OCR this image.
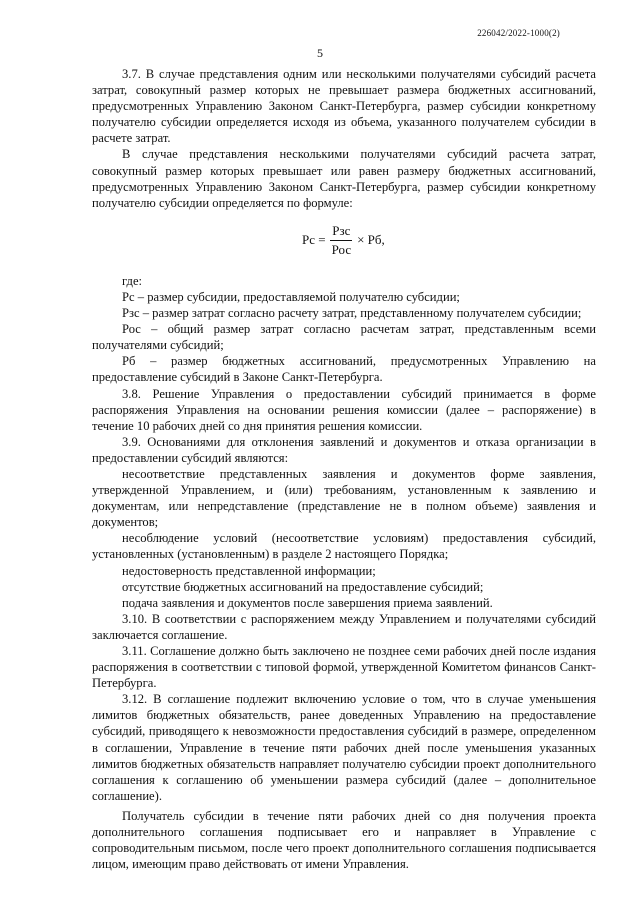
226042/2022-1000(2)
5

3.7. В случае представления одним или несколькими получателями субсидий расчета затрат, совокупный размер которых не превышает размера бюджетных ассигнований, предусмотренных Управлению Законом Санкт-Петербурга, размер субсидии конкретному получателю субсидии определяется исходя из объема, указанного получателем субсидии в расчете затрат.

В случае представления несколькими получателями субсидий расчета затрат, совокупный размер которых превышает или равен размеру бюджетных ассигнований, предусмотренных Управлению Законом Санкт-Петербурга, размер субсидии конкретному получателю субсидии определяется по формуле:

Рс = $\frac{\text{Рзс}}{\text{Рос}}$ × Рб,

где:

Рс – размер субсидии, предоставляемой получателю субсидии;

Рзс – размер затрат согласно расчету затрат, представленному получателем субсидии;

Рос – общий размер затрат согласно расчетам затрат, представленным всеми получателями субсидий;

Рб – размер бюджетных ассигнований, предусмотренных Управлению на предоставление субсидий в Законе Санкт-Петербурга.

3.8. Решение Управления о предоставлении субсидий принимается в форме распоряжения Управления на основании решения комиссии (далее – распоряжение) в течение 10 рабочих дней со дня принятия решения комиссии.

3.9. Основаниями для отклонения заявлений и документов и отказа организации в предоставлении субсидий являются:

несоответствие представленных заявления и документов форме заявления, утвержденной Управлением, и (или) требованиям, установленным к заявлению и документам, или непредставление (представление не в полном объеме) заявления и документов;

несоблюдение условий (несоответствие условиям) предоставления субсидий, установленных (установленным) в разделе 2 настоящего Порядка;

недостоверность представленной информации;

отсутствие бюджетных ассигнований на предоставление субсидий;

подача заявления и документов после завершения приема заявлений.

3.10. В соответствии с распоряжением между Управлением и получателями субсидий заключается соглашение.

3.11. Соглашение должно быть заключено не позднее семи рабочих дней после издания распоряжения в соответствии с типовой формой, утвержденной Комитетом финансов Санкт-Петербурга.

3.12. В соглашение подлежит включению условие о том, что в случае уменьшения лимитов бюджетных обязательств, ранее доведенных Управлению на предоставление субсидий, приводящего к невозможности предоставления субсидий в размере, определенном в соглашении, Управление в течение пяти рабочих дней после уменьшения указанных лимитов бюджетных обязательств направляет получателю субсидии проект дополнительного соглашения к соглашению об уменьшении размера субсидий (далее – дополнительное соглашение).

Получатель субсидии в течение пяти рабочих дней со дня получения проекта дополнительного соглашения подписывает его и направляет в Управление с сопроводительным письмом, после чего проект дополнительного соглашения подписывается лицом, имеющим право действовать от имени Управления.
